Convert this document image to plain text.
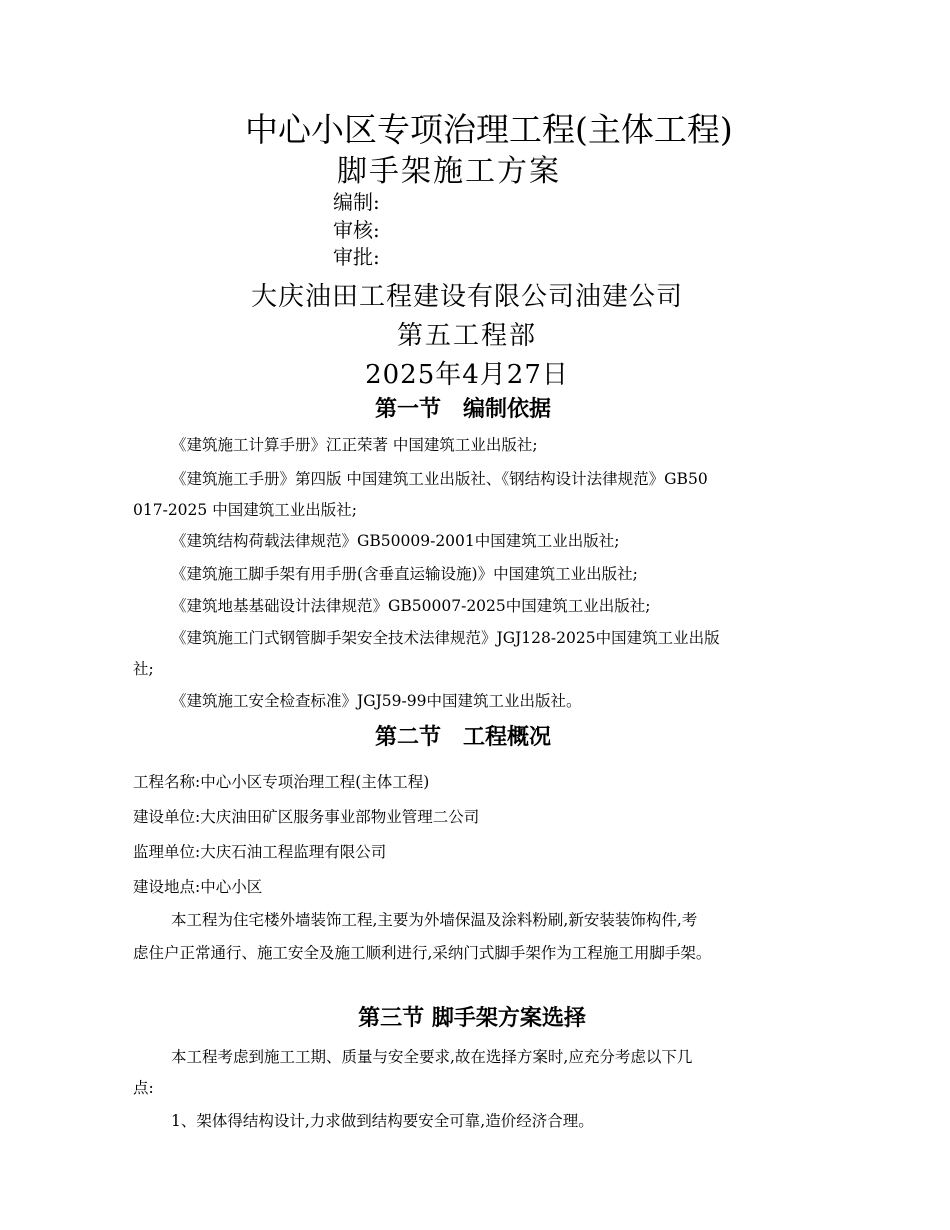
中心小区专项治理工程(主体工程)
脚手架施工方案
编制:
审核:
审批:
大庆油田工程建设有限公司油建公司
第五工程部
2025年4月27日
第一节　编制依据
《建筑施工计算手册》江正荣著 中国建筑工业出版社;
《建筑施工手册》第四版 中国建筑工业出版社、《钢结构设计法律规范》GB50
017-2025 中国建筑工业出版社;
《建筑结构荷载法律规范》GB50009-2001中国建筑工业出版社;
《建筑施工脚手架有用手册(含垂直运输设施)》中国建筑工业出版社;
《建筑地基基础设计法律规范》GB50007-2025中国建筑工业出版社;
《建筑施工门式钢管脚手架安全技术法律规范》JGJ128-2025中国建筑工业出版
社;
《建筑施工安全检查标准》JGJ59-99中国建筑工业出版社。
第二节　工程概况
工程名称:中心小区专项治理工程(主体工程)
建设单位:大庆油田矿区服务事业部物业管理二公司
监理单位:大庆石油工程监理有限公司
建设地点:中心小区
本工程为住宅楼外墙装饰工程,主要为外墙保温及涂料粉刷,新安装装饰构件,考
虑住户正常通行、施工安全及施工顺利进行,采纳门式脚手架作为工程施工用脚手架。
第三节 脚手架方案选择
本工程考虑到施工工期、质量与安全要求,故在选择方案时,应充分考虑以下几
点:
1、架体得结构设计,力求做到结构要安全可靠,造价经济合理。
